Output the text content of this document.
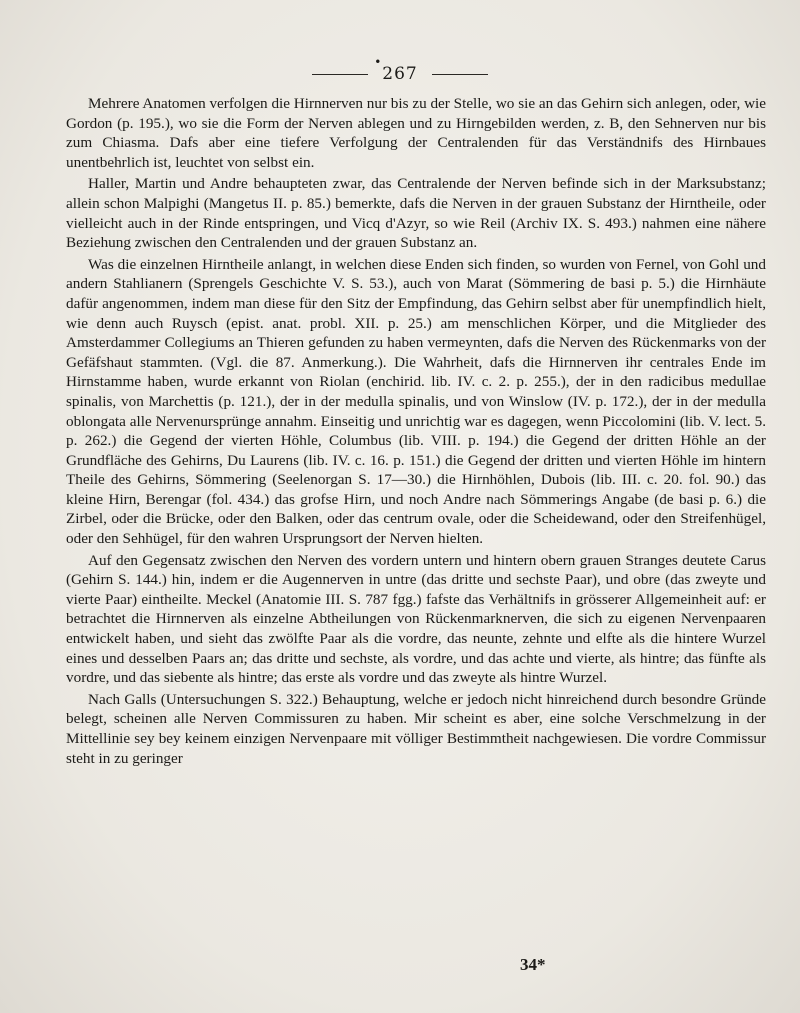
•
267

Mehrere Anatomen verfolgen die Hirnnerven nur bis zu der Stelle, wo sie an das Gehirn sich anlegen, oder, wie Gordon (p. 195.), wo sie die Form der Nerven ablegen und zu Hirngebilden werden, z. B, den Sehnerven nur bis zum Chiasma. Dafs aber eine tiefere Verfolgung der Centralenden für das Verständnifs des Hirnbaues unentbehrlich ist, leuchtet von selbst ein.

Haller, Martin und Andre behaupteten zwar, das Centralende der Nerven befinde sich in der Marksubstanz; allein schon Malpighi (Mangetus II. p. 85.) bemerkte, dafs die Nerven in der grauen Substanz der Hirntheile, oder vielleicht auch in der Rinde entspringen, und Vicq d'Azyr, so wie Reil (Archiv IX. S. 493.) nahmen eine nähere Beziehung zwischen den Centralenden und der grauen Substanz an.

Was die einzelnen Hirntheile anlangt, in welchen diese Enden sich finden, so wurden von Fernel, von Gohl und andern Stahlianern (Sprengels Geschichte V. S. 53.), auch von Marat (Sömmering de basi p. 5.) die Hirnhäute dafür angenommen, indem man diese für den Sitz der Empfindung, das Gehirn selbst aber für unempfindlich hielt, wie denn auch Ruysch (epist. anat. probl. XII. p. 25.) am menschlichen Körper, und die Mitglieder des Amsterdammer Collegiums an Thieren gefunden zu haben vermeynten, dafs die Nerven des Rückenmarks von der Gefäfshaut stammten. (Vgl. die 87. Anmerkung.). Die Wahrheit, dafs die Hirnnerven ihr centrales Ende im Hirnstamme haben, wurde erkannt von Riolan (enchirid. lib. IV. c. 2. p. 255.), der in den radicibus medullae spinalis, von Marchettis (p. 121.), der in der medulla spinalis, und von Winslow (IV. p. 172.), der in der medulla oblongata alle Nervenursprünge annahm. Einseitig und unrichtig war es dagegen, wenn Piccolomini (lib. V. lect. 5. p. 262.) die Gegend der vierten Höhle, Columbus (lib. VIII. p. 194.) die Gegend der dritten Höhle an der Grundfläche des Gehirns, Du Laurens (lib. IV. c. 16. p. 151.) die Gegend der dritten und vierten Höhle im hintern Theile des Gehirns, Sömmering (Seelenorgan S. 17—30.) die Hirnhöhlen, Dubois (lib. III. c. 20. fol. 90.) das kleine Hirn, Berengar (fol. 434.) das grofse Hirn, und noch Andre nach Sömmerings Angabe (de basi p. 6.) die Zirbel, oder die Brücke, oder den Balken, oder das centrum ovale, oder die Scheidewand, oder den Streifenhügel, oder den Sehhügel, für den wahren Ursprungsort der Nerven hielten.

Auf den Gegensatz zwischen den Nerven des vordern untern und hintern obern grauen Stranges deutete Carus (Gehirn S. 144.) hin, indem er die Augennerven in untre (das dritte und sechste Paar), und obre (das zweyte und vierte Paar) eintheilte. Meckel (Anatomie III. S. 787 fgg.) fafste das Verhältnifs in grösserer Allgemeinheit auf: er betrachtet die Hirnnerven als einzelne Abtheilungen von Rückenmarknerven, die sich zu eigenen Nervenpaaren entwickelt haben, und sieht das zwölfte Paar als die vordre, das neunte, zehnte und elfte als die hintere Wurzel eines und desselben Paars an; das dritte und sechste, als vordre, und das achte und vierte, als hintre; das fünfte als vordre, und das siebente als hintre; das erste als vordre und das zweyte als hintre Wurzel.

Nach Galls (Untersuchungen S. 322.) Behauptung, welche er jedoch nicht hinreichend durch besondre Gründe belegt, scheinen alle Nerven Commissuren zu haben. Mir scheint es aber, eine solche Verschmelzung in der Mittellinie sey bey keinem einzigen Nervenpaare mit völliger Bestimmtheit nachgewiesen. Die vordre Commissur steht in zu geringer

34*
